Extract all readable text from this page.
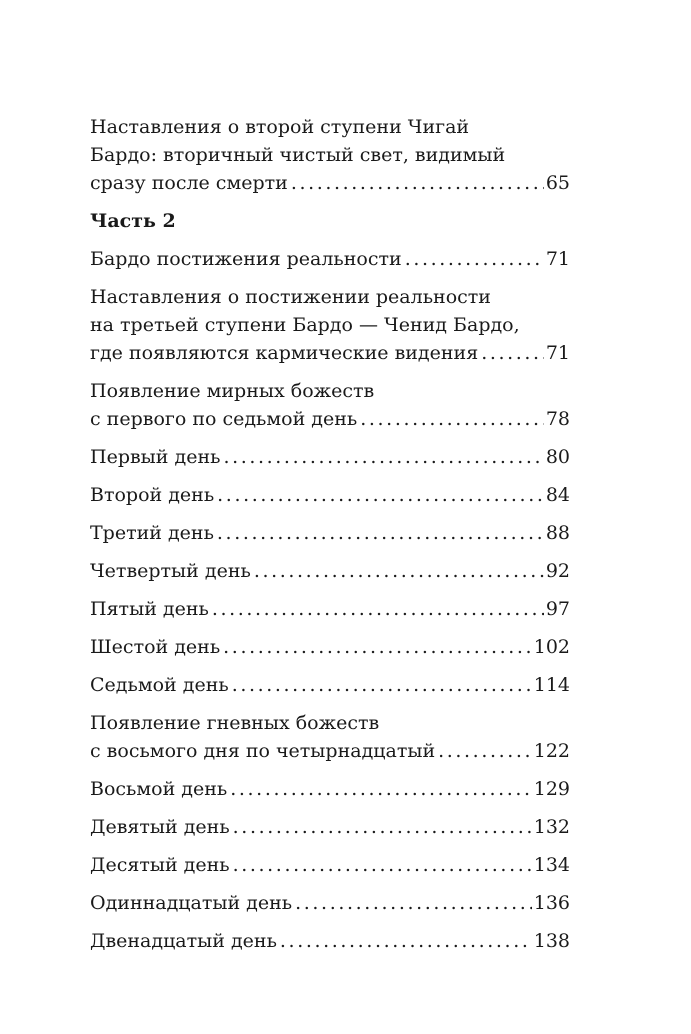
Наставления о второй ступени Чигай
Бардо: вторичный чистый свет, видимый
сразу после смерти .....	65
Часть 2
Бардо постижения реальности .....	71
Наставления о постижении реальности
на третьей ступени Бардо — Ченид Бардо,
где появляются кармические видения .....	71
Появление мирных божеств
с первого по седьмой день .....	78
Первый день .....	80
Второй день .....	84
Третий день .....	88
Четвертый день .....	92
Пятый день .....	97
Шестой день .....	102
Седьмой день .....	114
Появление гневных божеств
с восьмого дня по четырнадцатый .....	122
Восьмой день .....	129
Девятый день .....	132
Десятый день .....	134
Одиннадцатый день .....	136
Двенадцатый день .....	138
